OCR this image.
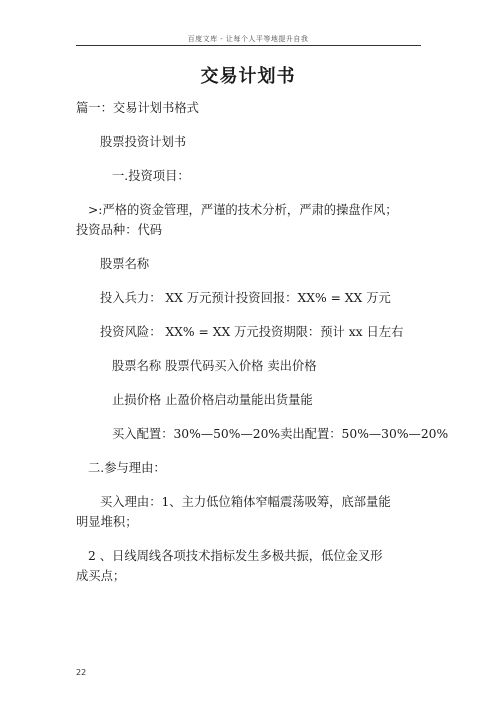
百度文库 - 让每个人平等地提升自我
交易计划书
篇一：交易计划书格式
股票投资计划书
一.投资项目：
>:严格的资金管理，严谨的技术分析，严肃的操盘作风；
投资品种：代码
股票名称
投入兵力： XX 万元预计投资回报：XX% = XX 万元
投资风险： XX% = XX 万元投资期限：预计 xx 日左右
股票名称 股票代码买入价格 卖出价格
止损价格 止盈价格启动量能出货量能
买入配置：30%—50%—20%卖出配置：50%—30%—20%
二.参与理由：
买入理由：1、主力低位箱体窄幅震荡吸筹，底部量能
明显堆积；
2 、日线周线各项技术指标发生多极共振，低位金叉形
成买点；
22
